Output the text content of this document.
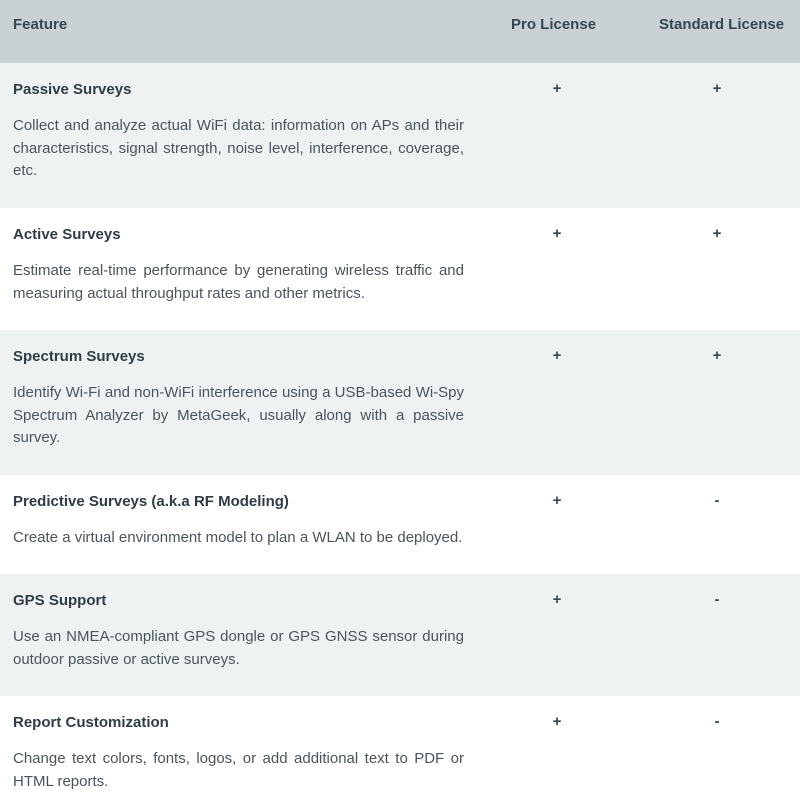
Feature	Pro License	Standard License
Passive Surveys	+	+
Collect and analyze actual WiFi data: information on APs and their characteristics, signal strength, noise level, interference, coverage, etc.
Active Surveys	+	+
Estimate real-time performance by generating wireless traffic and measuring actual throughput rates and other metrics.
Spectrum Surveys	+	+
Identify Wi-Fi and non-WiFi interference using a USB-based Wi-Spy Spectrum Analyzer by MetaGeek, usually along with a passive survey.
Predictive Surveys (a.k.a RF Modeling)	+	-
Create a virtual environment model to plan a WLAN to be deployed.
GPS Support	+	-
Use an NMEA-compliant GPS dongle or GPS GNSS sensor during outdoor passive or active surveys.
Report Customization	+	-
Change text colors, fonts, logos, or add additional text to PDF or HTML reports.
